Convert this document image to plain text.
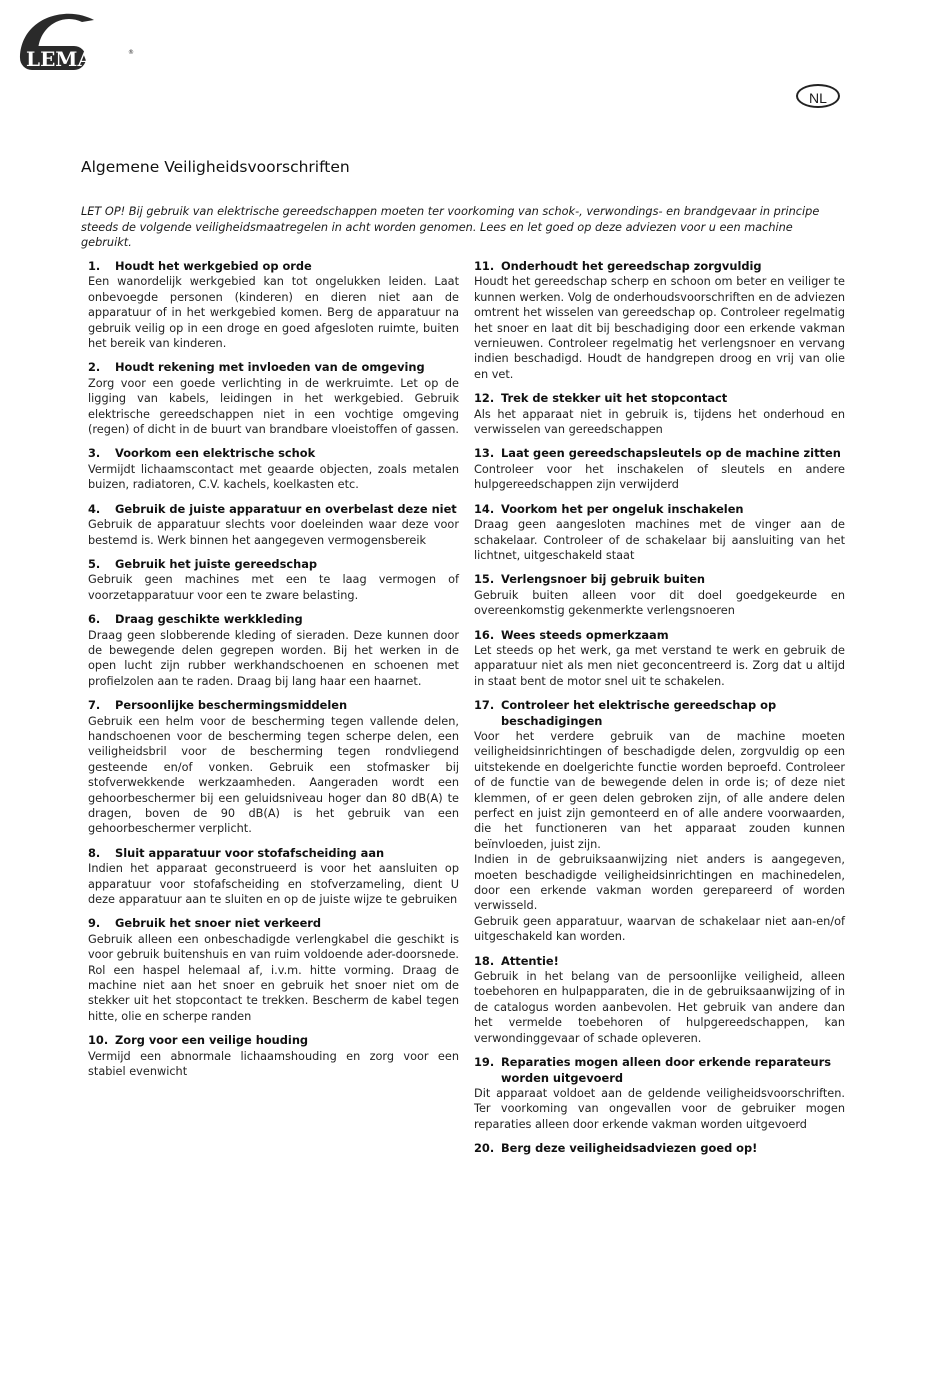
LEMAN	®
NL
Algemene Veiligheidsvoorschriften

LET OP! Bij gebruik van elektrische gereedschappen moeten ter voorkoming van schok-, verwondings- en brandgevaar in principe steeds de volgende veiligheidsmaatregelen in acht worden genomen. Lees en let goed op deze adviezen voor u een machine gebruikt.

1.	Houdt het werkgebied op orde
Een wanordelijk werkgebied kan tot ongelukken leiden. Laat onbevoegde personen (kinderen) en dieren niet aan de apparatuur of in het werkgebied komen. Berg de apparatuur na gebruik veilig op in een droge en goed afgesloten ruimte, buiten het bereik van kinderen.
2.	Houdt rekening met invloeden van de omgeving
Zorg voor een goede verlichting in de werkruimte. Let op de ligging van kabels, leidingen in het werkgebied. Gebruik elektrische gereedschappen niet in een vochtige omgeving (regen) of dicht in de buurt van brandbare vloeistoffen of gassen.
3.	Voorkom een elektrische schok
Vermijdt lichaamscontact met geaarde objecten, zoals metalen buizen, radiatoren, C.V. kachels, koelkasten etc.
4.	Gebruik de juiste apparatuur en overbelast deze niet
Gebruik de apparatuur slechts voor doeleinden waar deze voor bestemd is. Werk binnen het aangegeven vermogensbereik
5.	Gebruik het juiste gereedschap
Gebruik geen machines met een te laag vermogen of voorzetapparatuur voor een te zware belasting.
6.	Draag geschikte werkkleding
Draag geen slobberende kleding of sieraden. Deze kunnen door de bewegende delen gegrepen worden. Bij het werken in de open lucht zijn rubber werkhandschoenen en schoenen met profielzolen aan te raden. Draag bij lang haar een haarnet.
7.	Persoonlijke beschermingsmiddelen
Gebruik een helm voor de bescherming tegen vallende delen, handschoenen voor de bescherming tegen scherpe delen, een veiligheidsbril voor de bescherming tegen rondvliegend gesteende en/of vonken. Gebruik een stofmasker bij stofverwekkende werkzaamheden. Aangeraden wordt een gehoorbeschermer bij een geluidsniveau hoger dan 80 dB(A) te dragen, boven de 90 dB(A) is het gebruik van een gehoorbeschermer verplicht.
8.	Sluit apparatuur voor stofafscheiding aan
Indien het apparaat geconstrueerd is voor het aansluiten op apparatuur voor stofafscheiding en stofverzameling, dient U deze apparatuur aan te sluiten en op de juiste wijze te gebruiken
9.	Gebruik het snoer niet verkeerd
Gebruik alleen een onbeschadigde verlengkabel die geschikt is voor gebruik buitenshuis en van ruim voldoende ader-doorsnede. Rol een haspel helemaal af, i.v.m. hitte vorming. Draag de machine niet aan het snoer en gebruik het snoer niet om de stekker uit het stopcontact te trekken. Bescherm de kabel tegen hitte, olie en scherpe randen
10. Zorg voor een veilige houding
Vermijd een abnormale lichaamshouding en zorg voor een stabiel evenwicht
11. Onderhoudt het gereedschap zorgvuldig
Houdt het gereedschap scherp en schoon om beter en veiliger te kunnen werken. Volg de onderhoudsvoorschriften en de adviezen omtrent het wisselen van gereedschap op. Controleer regelmatig het snoer en laat dit bij beschadiging door een erkende vakman vernieuwen. Controleer regelmatig het verlengsnoer en vervang indien beschadigd. Houdt de handgrepen droog en vrij van olie en vet.
12. Trek de stekker uit het stopcontact
Als het apparaat niet in gebruik is, tijdens het onderhoud en verwisselen van gereedschappen
13. Laat geen gereedschapsleutels op de machine zitten
Controleer voor het inschakelen of sleutels en andere hulpgereedschappen zijn verwijderd
14. Voorkom het per ongeluk inschakelen
Draag geen aangesloten machines met de vinger aan de schakelaar. Controleer of de schakelaar bij aansluiting van het lichtnet, uitgeschakeld staat
15. Verlengsnoer bij gebruik buiten
Gebruik buiten alleen voor dit doel goedgekeurde en overeenkomstig gekenmerkte verlengsnoeren
16. Wees steeds opmerkzaam
Let steeds op het werk, ga met verstand te werk en gebruik de apparatuur niet als men niet geconcentreerd is. Zorg dat u altijd in staat bent de motor snel uit te schakelen.
17. Controleer het elektrische gereedschap op beschadigingen
Voor het verdere gebruik van de machine moeten veiligheidsinrichtingen of beschadigde delen, zorgvuldig op een uitstekende en doelgerichte functie worden beproefd. Controleer of de functie van de bewegende delen in orde is; of deze niet klemmen, of er geen delen gebroken zijn, of alle andere delen perfect en juist zijn gemonteerd en of alle andere voorwaarden, die het functioneren van het apparaat zouden kunnen beïnvloeden, juist zijn.
Indien in de gebruiksaanwijzing niet anders is aangegeven, moeten beschadigde veiligheidsinrichtingen en machinedelen, door een erkende vakman worden gerepareerd of worden verwisseld.
Gebruik geen apparatuur, waarvan de schakelaar niet aan-en/of uitgeschakeld kan worden.
18. Attentie!
Gebruik in het belang van de persoonlijke veiligheid, alleen toebehoren en hulpapparaten, die in de gebruiksaanwijzing of in de catalogus worden aanbevolen. Het gebruik van andere dan het vermelde toebehoren of hulpgereedschappen, kan verwondinggevaar of schade opleveren.
19. Reparaties mogen alleen door erkende reparateurs worden uitgevoerd
Dit apparaat voldoet aan de geldende veiligheidsvoorschriften. Ter voorkoming van ongevallen voor de gebruiker mogen reparaties alleen door erkende vakman worden uitgevoerd
20. Berg deze veiligheidsadviezen goed op!
